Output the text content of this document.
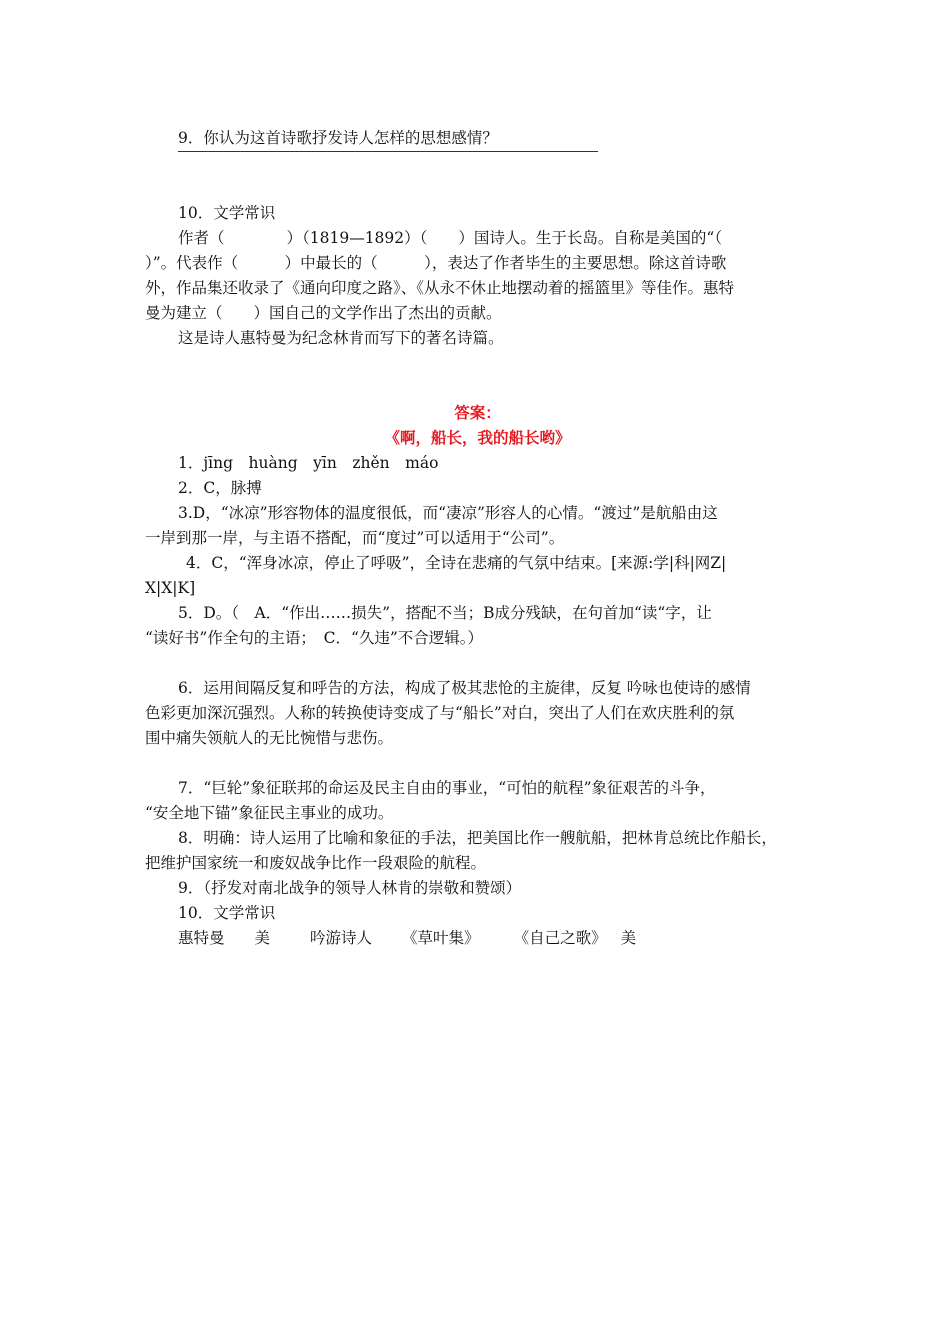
9．你认为这首诗歌抒发诗人怎样的思想感情？
10．文学常识
作者（　　　　）（1819—1892）（　　）国诗人。生于长岛。自称是美国的“（
）”。代表作（　　　）中最长的（　　　），表达了作者毕生的主要思想。除这首诗歌
外，作品集还收录了《通向印度之路》、《从永不休止地摆动着的摇篮里》等佳作。惠特
曼为建立（　　）国自己的文学作出了杰出的贡献。
这是诗人惠特曼为纪念林肯而写下的著名诗篇。
答案：
《啊，船长，我的船长哟》
1．jīng　huàng　yīn　zhěn　máo
2．C，脉搏
3.D，“冰凉”形容物体的温度很低，而“凄凉”形容人的心情。“渡过”是航船由这
一岸到那一岸，与主语不搭配，而“度过”可以适用于“公司”。
4．C，“浑身冰凉，停止了呼吸”，全诗在悲痛的气氛中结束。[来源:学|科|网Z|
X|X|K]
5．D。（　A．“作出……损失”，搭配不当；B成分残缺，在句首加“读“字，让
“读好书”作全句的主语；　C．“久违”不合逻辑。）
6．运用间隔反复和呼告的方法，构成了极其悲怆的主旋律，反复 吟咏也使诗的感情
色彩更加深沉强烈。人称的转换使诗变成了与“船长”对白，突出了人们在欢庆胜利的氛
围中痛失领航人的无比惋惜与悲伤。
7．“巨轮”象征联邦的命运及民主自由的事业，“可怕的航程”象征艰苦的斗争，
“安全地下锚”象征民主事业的成功。
8．明确：诗人运用了比喻和象征的手法，把美国比作一艘航船，把林肯总统比作船长，
把维护国家统一和废奴战争比作一段艰险的航程。
9．（抒发对南北战争的领导人林肯的崇敬和赞颂）
10．文学常识
惠特曼 美	吟游诗人 《草叶集》 《自己之歌》 美
